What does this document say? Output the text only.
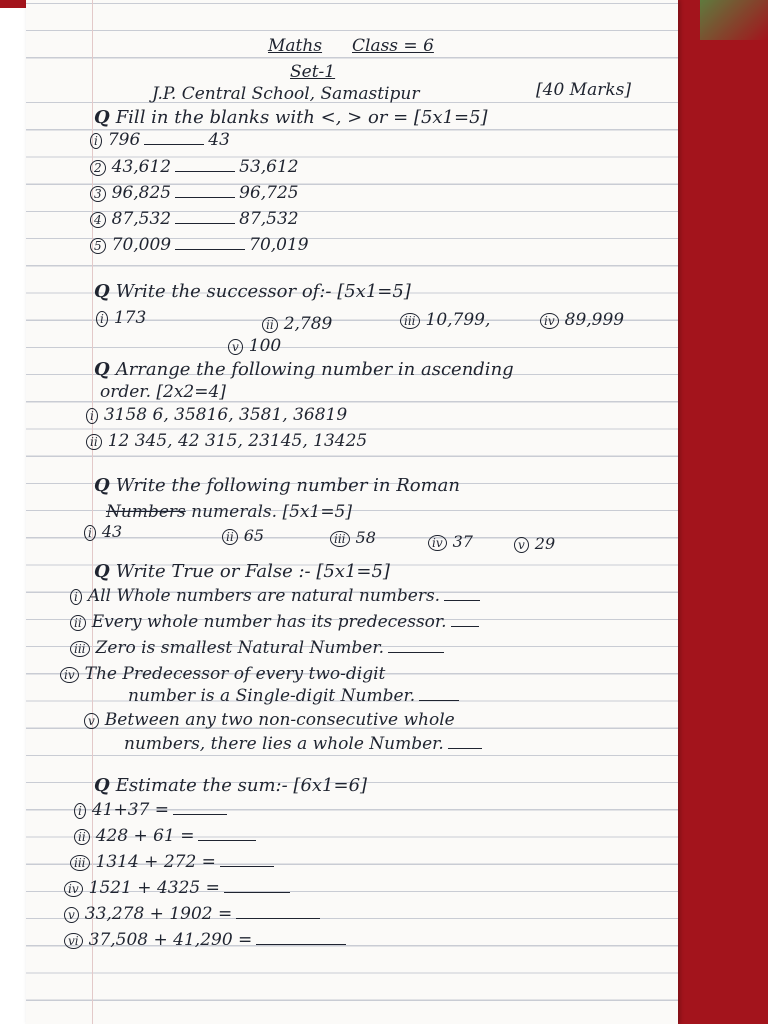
Maths Class = 6
Set-1
J.P. Central School, Samastipur	[40 Marks]
Q Fill in the blanks with <, > or = [5x1=5]
i 796	43
2 43,612	53,612
3 96,825	96,725
4 87,532	87,532
5 70,009	70,019
Q Write the successor of:- [5x1=5]
i 173	ii 2,789	iii 10,799,	iv 89,999
v 100
Q Arrange the following number in ascending
order. [2x2=4]
i 3158 6, 35816, 3581, 36819
ii 12 345, 42 315, 23145, 13425
Q Write the following number in Roman
Numbers numerals. [5x1=5]
i 43	ii 65	iii 58	iv 37	v 29
Q Write True or False :- [5x1=5]
i All Whole numbers are natural numbers.
ii Every whole number has its predecessor.
iii Zero is smallest Natural Number.
iv The Predecessor of every two-digit
number is a Single-digit Number.
v Between any two non-consecutive whole
numbers, there lies a whole Number.
Q Estimate the sum:- [6x1=6]
i 41+37 =
ii 428 + 61 =
iii 1314 + 272 =
iv 1521 + 4325 =
v 33,278 + 1902 =
vi 37,508 + 41,290 =
